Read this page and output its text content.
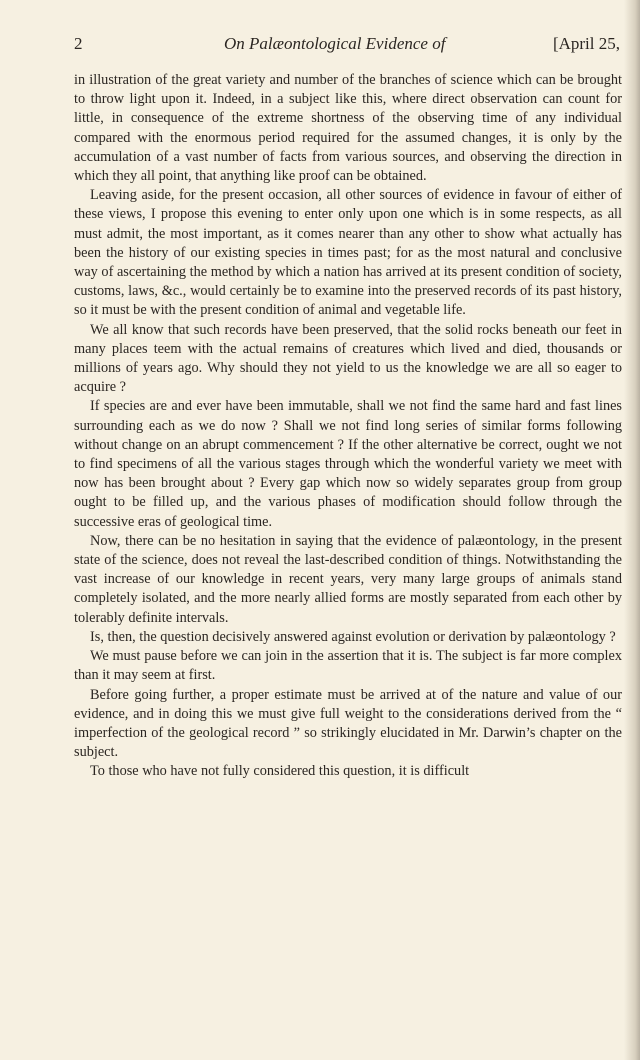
2	On Palæontological Evidence of	[April 25,

in illustration of the great variety and number of the branches of science which can be brought to throw light upon it. Indeed, in a subject like this, where direct observation can count for little, in consequence of the extreme shortness of the observing time of any individual compared with the enormous period required for the assumed changes, it is only by the accumulation of a vast number of facts from various sources, and observing the direction in which they all point, that anything like proof can be obtained.

Leaving aside, for the present occasion, all other sources of evidence in favour of either of these views, I propose this evening to enter only upon one which is in some respects, as all must admit, the most important, as it comes nearer than any other to show what actually has been the history of our existing species in times past; for as the most natural and conclusive way of ascertaining the method by which a nation has arrived at its present condition of society, customs, laws, &c., would certainly be to examine into the preserved records of its past history, so it must be with the present condition of animal and vegetable life.

We all know that such records have been preserved, that the solid rocks beneath our feet in many places teem with the actual remains of creatures which lived and died, thousands or millions of years ago. Why should they not yield to us the knowledge we are all so eager to acquire ?

If species are and ever have been immutable, shall we not find the same hard and fast lines surrounding each as we do now ? Shall we not find long series of similar forms following without change on an abrupt commencement ? If the other alternative be correct, ought we not to find specimens of all the various stages through which the wonderful variety we meet with now has been brought about ? Every gap which now so widely separates group from group ought to be filled up, and the various phases of modification should follow through the successive eras of geological time.

Now, there can be no hesitation in saying that the evidence of palæontology, in the present state of the science, does not reveal the last-described condition of things. Notwithstanding the vast increase of our knowledge in recent years, very many large groups of animals stand completely isolated, and the more nearly allied forms are mostly separated from each other by tolerably definite intervals.

Is, then, the question decisively answered against evolution or derivation by palæontology ?

We must pause before we can join in the assertion that it is. The subject is far more complex than it may seem at first.

Before going further, a proper estimate must be arrived at of the nature and value of our evidence, and in doing this we must give full weight to the considerations derived from the “ imperfection of the geological record ” so strikingly elucidated in Mr. Darwin’s chapter on the subject.

To those who have not fully considered this question, it is difficult
